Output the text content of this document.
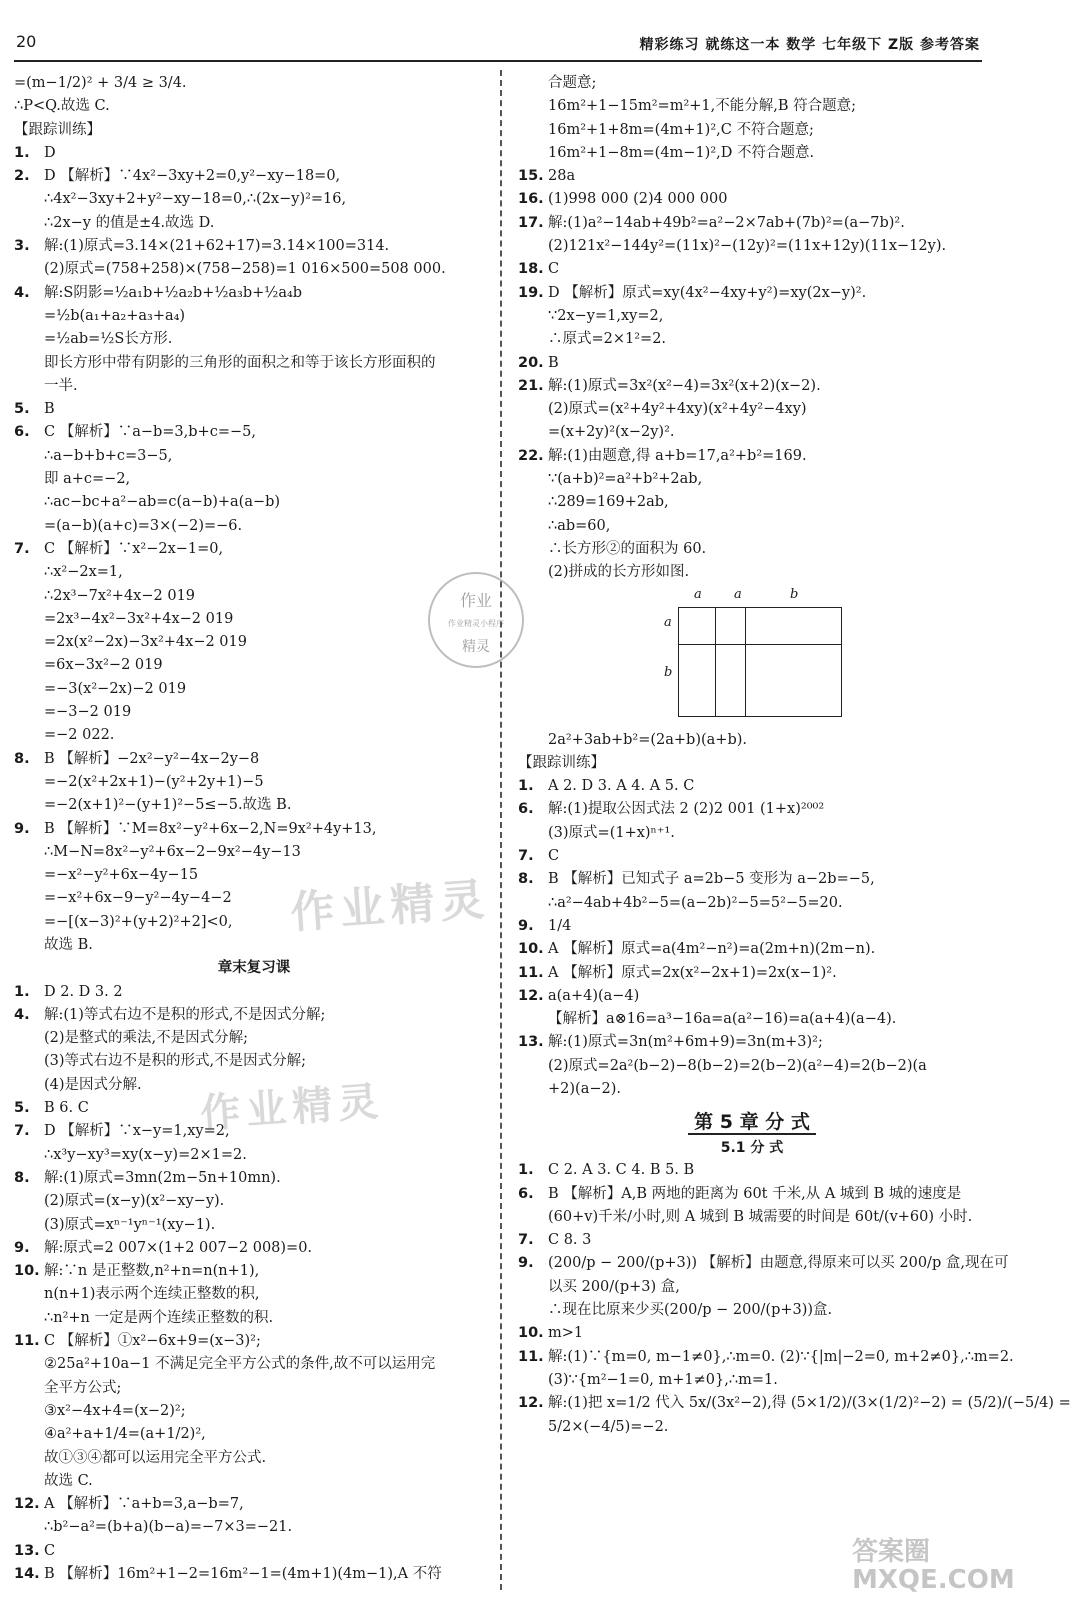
20	精彩练习 就练这一本 数学 七年级下 Z版 参考答案
=(m−1/2)² + 3/4 ≥ 3/4.
∴P<Q.故选 C.
【跟踪训练】
1. D
2. D 【解析】∵4x²−3xy+2=0,y²−xy−18=0,
∴4x²−3xy+2+y²−xy−18=0,∴(2x−y)²=16,
∴2x−y 的值是±4.故选 D.
3. 解:(1)原式=3.14×(21+62+17)=3.14×100=314.
(2)原式=(758+258)×(758−258)=1 016×500=508 000.
4. 解:S阴影=½a₁b+½a₂b+½a₃b+½a₄b
=½b(a₁+a₂+a₃+a₄)
=½ab=½S长方形.
即长方形中带有阴影的三角形的面积之和等于该长方形面积的
一半.
5. B
6. C 【解析】∵a−b=3,b+c=−5,
∴a−b+b+c=3−5,
即 a+c=−2,
∴ac−bc+a²−ab=c(a−b)+a(a−b)
=(a−b)(a+c)=3×(−2)=−6.
7. C 【解析】∵x²−2x−1=0,
∴x²−2x=1,
∴2x³−7x²+4x−2 019
=2x³−4x²−3x²+4x−2 019
=2x(x²−2x)−3x²+4x−2 019
=6x−3x²−2 019
=−3(x²−2x)−2 019
=−3−2 019
=−2 022.
8. B 【解析】−2x²−y²−4x−2y−8
=−2(x²+2x+1)−(y²+2y+1)−5
=−2(x+1)²−(y+1)²−5≤−5.故选 B.
9. B 【解析】∵M=8x²−y²+6x−2,N=9x²+4y+13,
∴M−N=8x²−y²+6x−2−9x²−4y−13
=−x²−y²+6x−4y−15
=−x²+6x−9−y²−4y−4−2
=−[(x−3)²+(y+2)²+2]<0,
故选 B.
章末复习课
1. D 2. D 3. 2
4. 解:(1)等式右边不是积的形式,不是因式分解;
(2)是整式的乘法,不是因式分解;
(3)等式右边不是积的形式,不是因式分解;
(4)是因式分解.
5. B 6. C
7. D 【解析】∵x−y=1,xy=2,
∴x³y−xy³=xy(x−y)=2×1=2.
8. 解:(1)原式=3mn(2m−5n+10mn).
(2)原式=(x−y)(x²−xy−y).
(3)原式=xⁿ⁻¹yⁿ⁻¹(xy−1).
9. 解:原式=2 007×(1+2 007−2 008)=0.
10. 解:∵n 是正整数,n²+n=n(n+1),
n(n+1)表示两个连续正整数的积,
∴n²+n 一定是两个连续正整数的积.
11. C 【解析】①x²−6x+9=(x−3)²;
②25a²+10a−1 不满足完全平方公式的条件,故不可以运用完
全平方公式;
③x²−4x+4=(x−2)²;
④a²+a+1/4=(a+1/2)²,
故①③④都可以运用完全平方公式.
故选 C.
12. A 【解析】∵a+b=3,a−b=7,
∴b²−a²=(b+a)(b−a)=−7×3=−21.
13. C
14. B 【解析】16m²+1−2=16m²−1=(4m+1)(4m−1),A 不符
合题意;
16m²+1−15m²=m²+1,不能分解,B 符合题意;
16m²+1+8m=(4m+1)²,C 不符合题意;
16m²+1−8m=(4m−1)²,D 不符合题意.
15. 28a
16. (1)998 000 (2)4 000 000
17. 解:(1)a²−14ab+49b²=a²−2×7ab+(7b)²=(a−7b)².
(2)121x²−144y²=(11x)²−(12y)²=(11x+12y)(11x−12y).
18. C
19. D 【解析】原式=xy(4x²−4xy+y²)=xy(2x−y)².
∵2x−y=1,xy=2,
∴原式=2×1²=2.
20. B
21. 解:(1)原式=3x²(x²−4)=3x²(x+2)(x−2).
(2)原式=(x²+4y²+4xy)(x²+4y²−4xy)
=(x+2y)²(x−2y)².
22. 解:(1)由题意,得 a+b=17,a²+b²=169.
∵(a+b)²=a²+b²+2ab,
∴289=169+2ab,
∴ab=60,
∴长方形②的面积为 60.
(2)拼成的长方形如图.
a a	b
a
b
2a²+3ab+b²=(2a+b)(a+b).
【跟踪训练】
1. A 2. D 3. A 4. A 5. C
6. 解:(1)提取公因式法 2 (2)2 001 (1+x)²⁰⁰²
(3)原式=(1+x)ⁿ⁺¹.
7. C
8. B 【解析】已知式子 a=2b−5 变形为 a−2b=−5,
∴a²−4ab+4b²−5=(a−2b)²−5=5²−5=20.
9. 1/4
10. A 【解析】原式=a(4m²−n²)=a(2m+n)(2m−n).
11. A 【解析】原式=2x(x²−2x+1)=2x(x−1)².
12. a(a+4)(a−4)
【解析】a⊗16=a³−16a=a(a²−16)=a(a+4)(a−4).
13. 解:(1)原式=3n(m²+6m+9)=3n(m+3)²;
(2)原式=2a²(b−2)−8(b−2)=2(b−2)(a²−4)=2(b−2)(a
+2)(a−2).
第 5 章 分 式
5.1 分 式
1. C 2. A 3. C 4. B 5. B
6. B 【解析】A,B 两地的距离为 60t 千米,从 A 城到 B 城的速度是
(60+v)千米/小时,则 A 城到 B 城需要的时间是 60t/(v+60) 小时.
7. C 8. 3
9. (200/p − 200/(p+3)) 【解析】由题意,得原来可以买 200/p 盒,现在可
以买 200/(p+3) 盒,
∴现在比原来少买(200/p − 200/(p+3))盒.
10. m>1
11. 解:(1)∵{m=0, m−1≠0},∴m=0. (2)∵{|m|−2=0, m+2≠0},∴m=2.
(3)∵{m²−1=0, m+1≠0},∴m=1.
12. 解:(1)把 x=1/2 代入 5x/(3x²−2),得 (5×1/2)/(3×(1/2)²−2) = (5/2)/(−5/4) =
5/2×(−4/5)=−2.
作业精灵
作业精灵
作业
作业精灵小程序
精灵
答案圈 MXQE.COM
